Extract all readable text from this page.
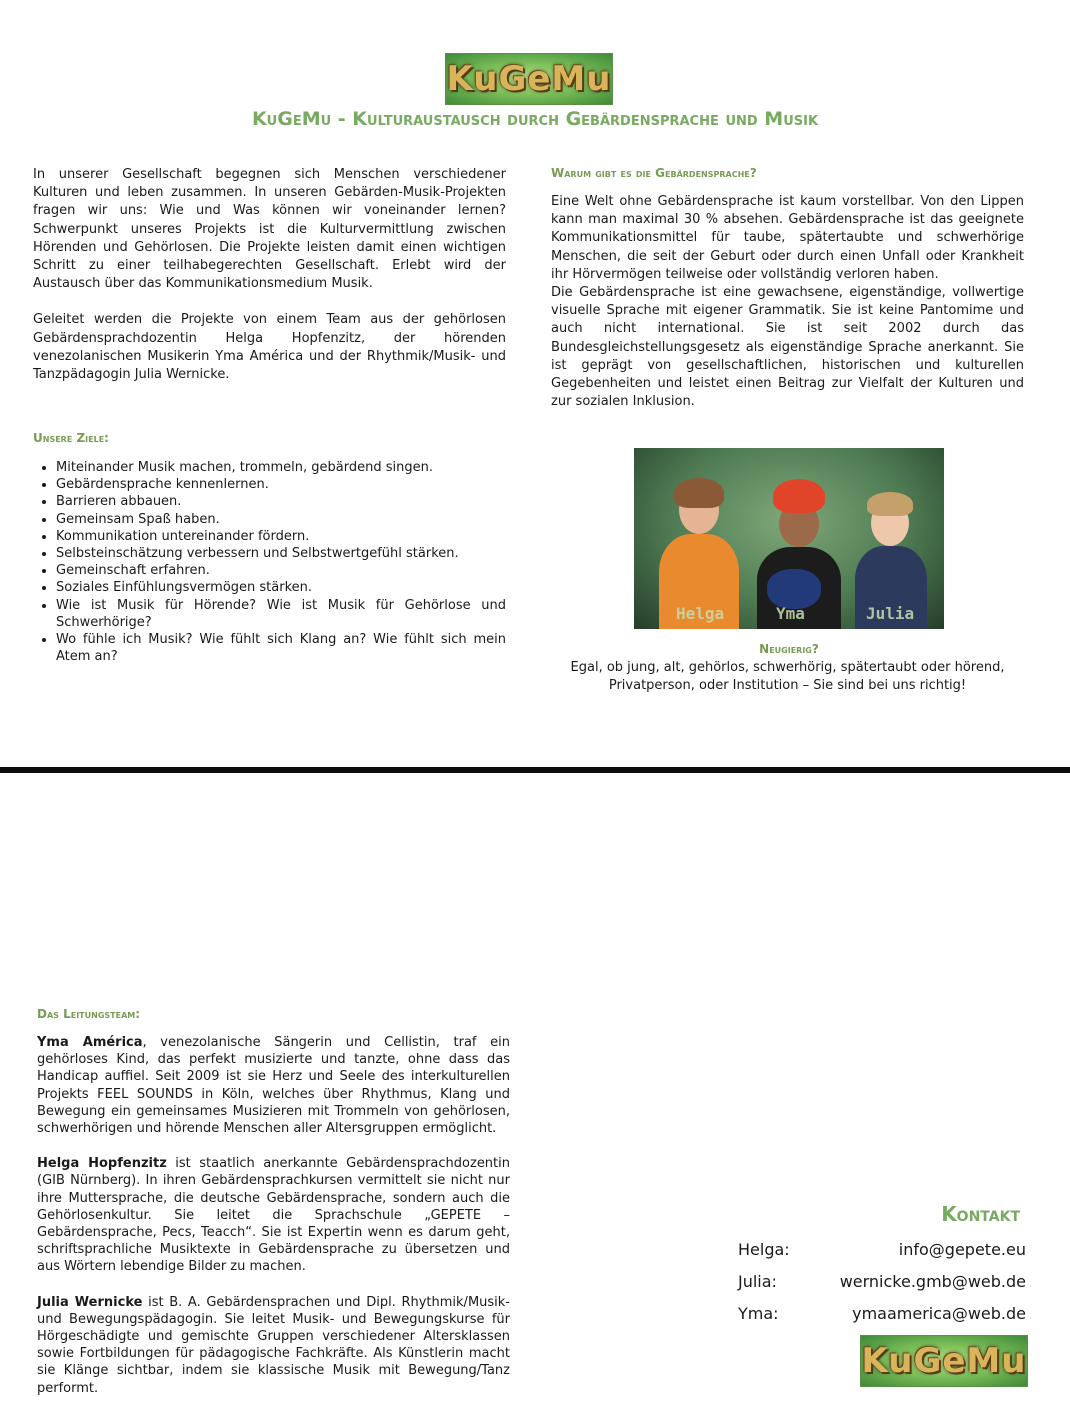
KuGeMu
KuGeMu - Kulturaustausch durch Gebärdensprache und Musik

In unserer Gesellschaft begegnen sich Menschen verschiedener Kulturen und leben zusammen. In unseren Gebärden-Musik-Projekten fragen wir uns: Wie und Was können wir voneinander lernen? Schwerpunkt unseres Projekts ist die Kulturvermittlung zwischen Hörenden und Gehörlosen. Die Projekte leisten damit einen wichtigen Schritt zu einer teilhabegerechten Gesellschaft. Erlebt wird der Austausch über das Kommunikationsmedium Musik.

Geleitet werden die Projekte von einem Team aus der gehörlosen Gebärdensprachdozentin Helga Hopfenzitz, der hörenden venezolanischen Musikerin Yma América und der Rhythmik/Musik- und Tanzpädagogin Julia Wernicke.

Warum gibt es die Gebärdensprache?

Eine Welt ohne Gebärdensprache ist kaum vorstellbar. Von den Lippen kann man maximal 30 % absehen. Gebärdensprache ist das geeignete Kommunikationsmittel für taube, spätertaubte und schwerhörige Menschen, die seit der Geburt oder durch einen Unfall oder Krankheit ihr Hörvermögen teilweise oder vollständig verloren haben.

Die Gebärdensprache ist eine gewachsene, eigenständige, vollwertige visuelle Sprache mit eigener Grammatik. Sie ist keine Pantomime und auch nicht international. Sie ist seit 2002 durch das Bundesgleichstellungsgesetz als eigenständige Sprache anerkannt. Sie ist geprägt von gesellschaftlichen, historischen und kulturellen Gegebenheiten und leistet einen Beitrag zur Vielfalt der Kulturen und zur sozialen Inklusion.

Unsere Ziele:
• Miteinander Musik machen, trommeln, gebärdend singen.
• Gebärdensprache kennenlernen.
• Barrieren abbauen.
• Gemeinsam Spaß haben.
• Kommunikation untereinander fördern.
• Selbsteinschätzung verbessern und Selbstwertgefühl stärken.
• Gemeinschaft erfahren.
• Soziales Einfühlungsvermögen stärken.
• Wie ist Musik für Hörende? Wie ist Musik für Gehörlose und Schwerhörige?
• Wo fühle ich Musik? Wie fühlt sich Klang an? Wie fühlt sich mein Atem an?
Helga	Yma	Julia
Neugierig?

Egal, ob jung, alt, gehörlos, schwerhörig, spätertaubt oder hörend, Privatperson, oder Institution – Sie sind bei uns richtig!

Das Leitungsteam:

Yma América, venezolanische Sängerin und Cellistin, traf ein gehörloses Kind, das perfekt musizierte und tanzte, ohne dass das Handicap auffiel. Seit 2009 ist sie Herz und Seele des interkulturellen Projekts FEEL SOUNDS in Köln, welches über Rhythmus, Klang und Bewegung ein gemeinsames Musizieren mit Trommeln von gehörlosen, schwerhörigen und hörende Menschen aller Altersgruppen ermöglicht.

Helga Hopfenzitz ist staatlich anerkannte Gebärdensprachdozentin (GIB Nürnberg). In ihren Gebärdensprachkursen vermittelt sie nicht nur ihre Muttersprache, die deutsche Gebärdensprache, sondern auch die Gehörlosenkultur. Sie leitet die Sprachschule „GEPETE – Gebärdensprache, Pecs, Teacch“. Sie ist Expertin wenn es darum geht, schriftsprachliche Musiktexte in Gebärdensprache zu übersetzen und aus Wörtern lebendige Bilder zu machen.

Julia Wernicke ist B. A. Gebärdensprachen und Dipl. Rhythmik/Musik- und Bewegungspädagogin. Sie leitet Musik- und Bewegungskurse für Hörgeschädigte und gemischte Gruppen verschiedener Altersklassen sowie Fortbildungen für pädagogische Fachkräfte. Als Künstlerin macht sie Klänge sichtbar, indem sie klassische Musik mit Bewegung/Tanz performt.

Kontakt
Helga:	info@gepete.eu
Julia:	wernicke.gmb@web.de
Yma:	ymaamerica@web.de
KuGeMu
